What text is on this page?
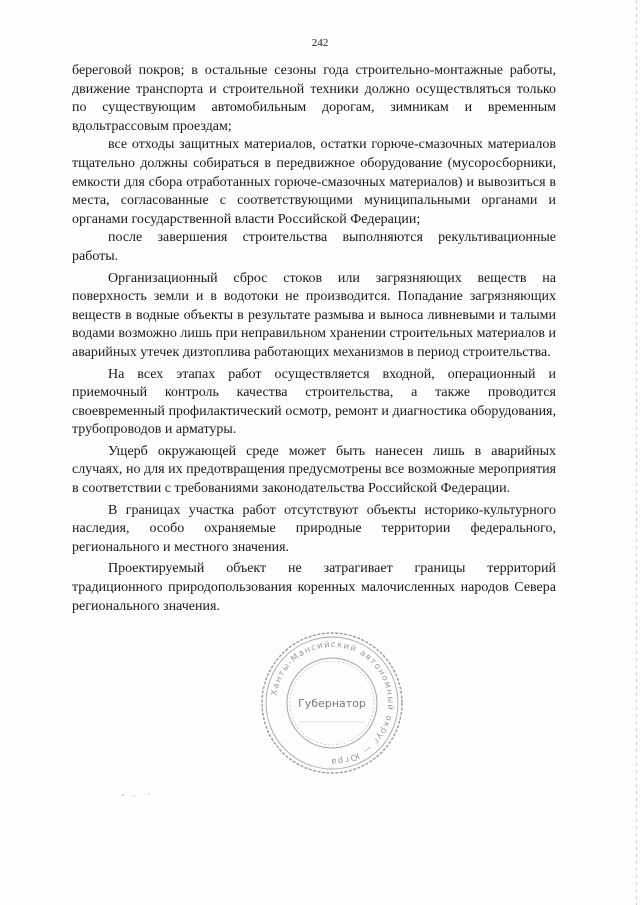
242

береговой покров; в остальные сезоны года строительно-монтажные работы, движение транспорта и строительной техники должно осуществляться только по существующим автомобильным дорогам, зимникам и временным вдольтрассовым проездам;

все отходы защитных материалов, остатки горюче-смазочных материалов тщательно должны собираться в передвижное оборудование (мусоросборники, емкости для сбора отработанных горюче-смазочных материалов) и вывозиться в места, согласованные с соответствующими муниципальными органами и органами государственной власти Российской Федерации;

после завершения строительства выполняются рекультивационные работы.

Организационный сброс стоков или загрязняющих веществ на поверхность земли и в водотоки не производится. Попадание загрязняющих веществ в водные объекты в результате размыва и выноса ливневыми и талыми водами возможно лишь при неправильном хранении строительных материалов и аварийных утечек дизтоплива работающих механизмов в период строительства.

На всех этапах работ осуществляется входной, операционный и приемочный контроль качества строительства, а также проводится своевременный профилактический осмотр, ремонт и диагностика оборудования, трубопроводов и арматуры.

Ущерб окружающей среде может быть нанесен лишь в аварийных случаях, но для их предотвращения предусмотрены все возможные мероприятия в соответствии с требованиями законодательства Российской Федерации.

В границах участка работ отсутствуют объекты историко-культурного наследия, особо охраняемые природные территории федерального, регионального и местного значения.

Проектируемый объект не затрагивает границы территорий традиционного природопользования коренных малочисленных народов Севера регионального значения.

Ханты-Мансийский автономный округ — Югра
Губернатор
